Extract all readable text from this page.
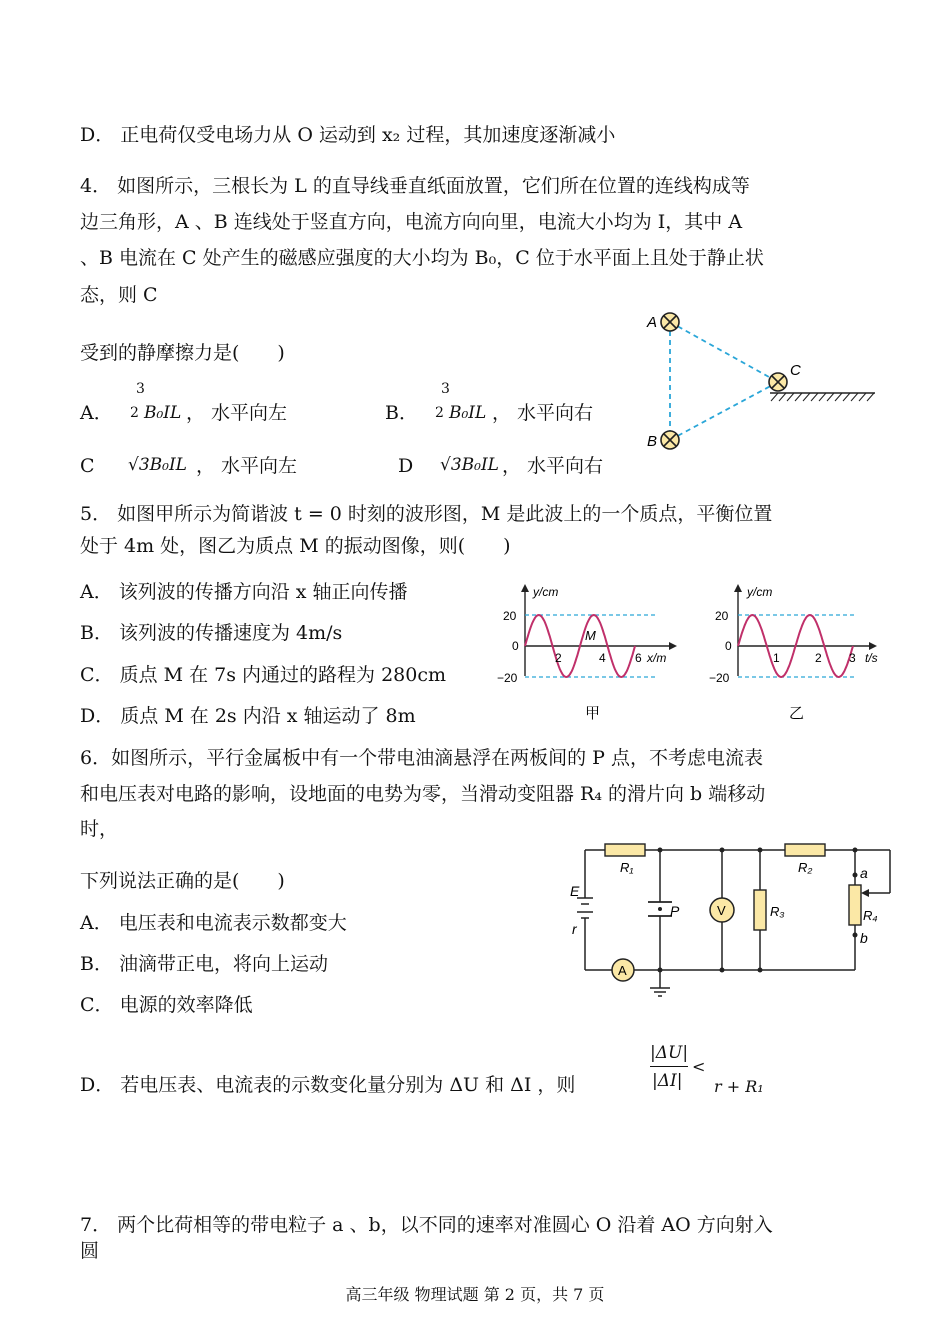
D． 正电荷仅受电场力从 O 运动到 x₂ 过程，其加速度逐渐减小
4． 如图所示，三根长为 L 的直导线垂直纸面放置，它们所在位置的连线构成等
边三角形，A 、B 连线处于竖直方向，电流方向向里，电流大小均为 I，其中 A
、B 电流在 C 处产生的磁感应强度的大小均为 B₀，C 位于水平面上且处于静止状
态，则 C
受到的静摩擦力是(　　)
A．
3
2 B₀IL ， 水平向左	B．
3
2 B₀IL ， 水平向右
C √3B₀IL ， 水平向左	D √3B₀IL ， 水平向右
A
B
C
5． 如图甲所示为简谐波 t = 0 时刻的波形图，M 是此波上的一个质点，平衡位置
处于 4m 处，图乙为质点 M 的振动图像，则(　　)
A． 该列波的传播方向沿 x 轴正向传播
B． 该列波的传播速度为 4m/s
C． 质点 M 在 7s 内通过的路程为 280cm
D． 质点 M 在 2s 内沿 x 轴运动了 8m
y/cm
20
0
−20
2	4 6 x/m
M
甲
y/cm
20
0
−20
1	2 3 t/s
乙
6．如图所示，平行金属板中有一个带电油滴悬浮在两板间的 P 点，不考虑电流表
和电压表对电路的影响，设地面的电势为零，当滑动变阻器 R₄ 的滑片向 b 端移动
时，
下列说法正确的是(　　)
A． 电压表和电流表示数都变大
B． 油滴带正电，将向上运动
C． 电源的效率降低
D． 若电压表、电流表的示数变化量分别为 ΔU 和 ΔI ，则
|ΔU|
|ΔI|
<
r + R₁
R₁	R₂
R₃	R₄
E
r
P	V
A
a
b
7． 两个比荷相等的带电粒子 a 、b，以不同的速率对准圆心 O 沿着 AO 方向射入
圆
高三年级 物理试题 第 2 页，共 7 页
